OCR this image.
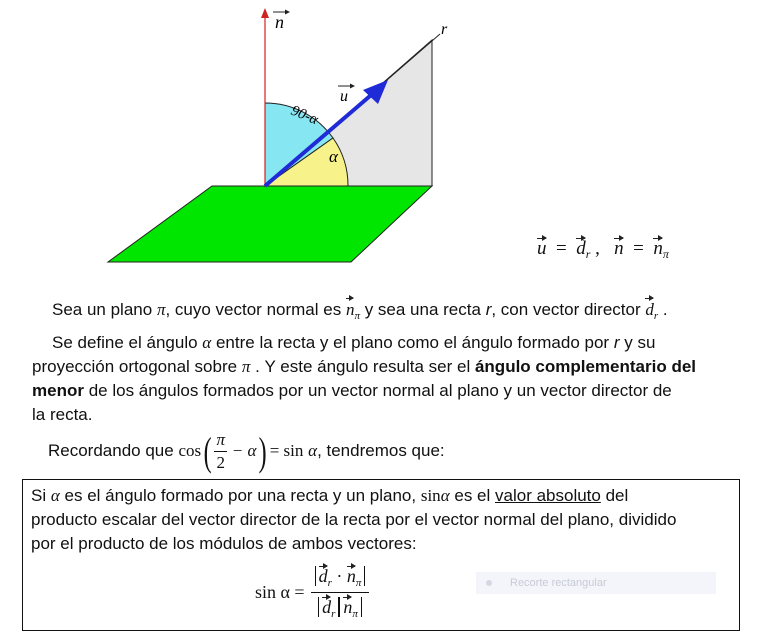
n	r
u
90-α
α
$u = d_r$ ,   $n = n_\pi$
Sea un plano π, cuyo vector normal es $n_\pi$ y sea una recta r, con vector director $d_r$ .
Se define el ángulo α entre la recta y el plano como el ángulo formado por r y su
proyección ortogonal sobre π . Y este ángulo resulta ser el ángulo complementario del
menor de los ángulos formados por un vector normal al plano y un vector director de
la recta.
Recordando que $\cos( \frac{\pi}{2} - \alpha) = \sin \alpha$, tendremos que:
Si α es el ángulo formado por una recta y un plano, sinα es el valor absoluto del
producto escalar del vector director de la recta por el vector normal del plano, dividido
por el producto de los módulos de ambos vectores:
sin α =
$d_r \cdot n_\pi$
$d_r$ $n_\pi$
Recorte rectangular
